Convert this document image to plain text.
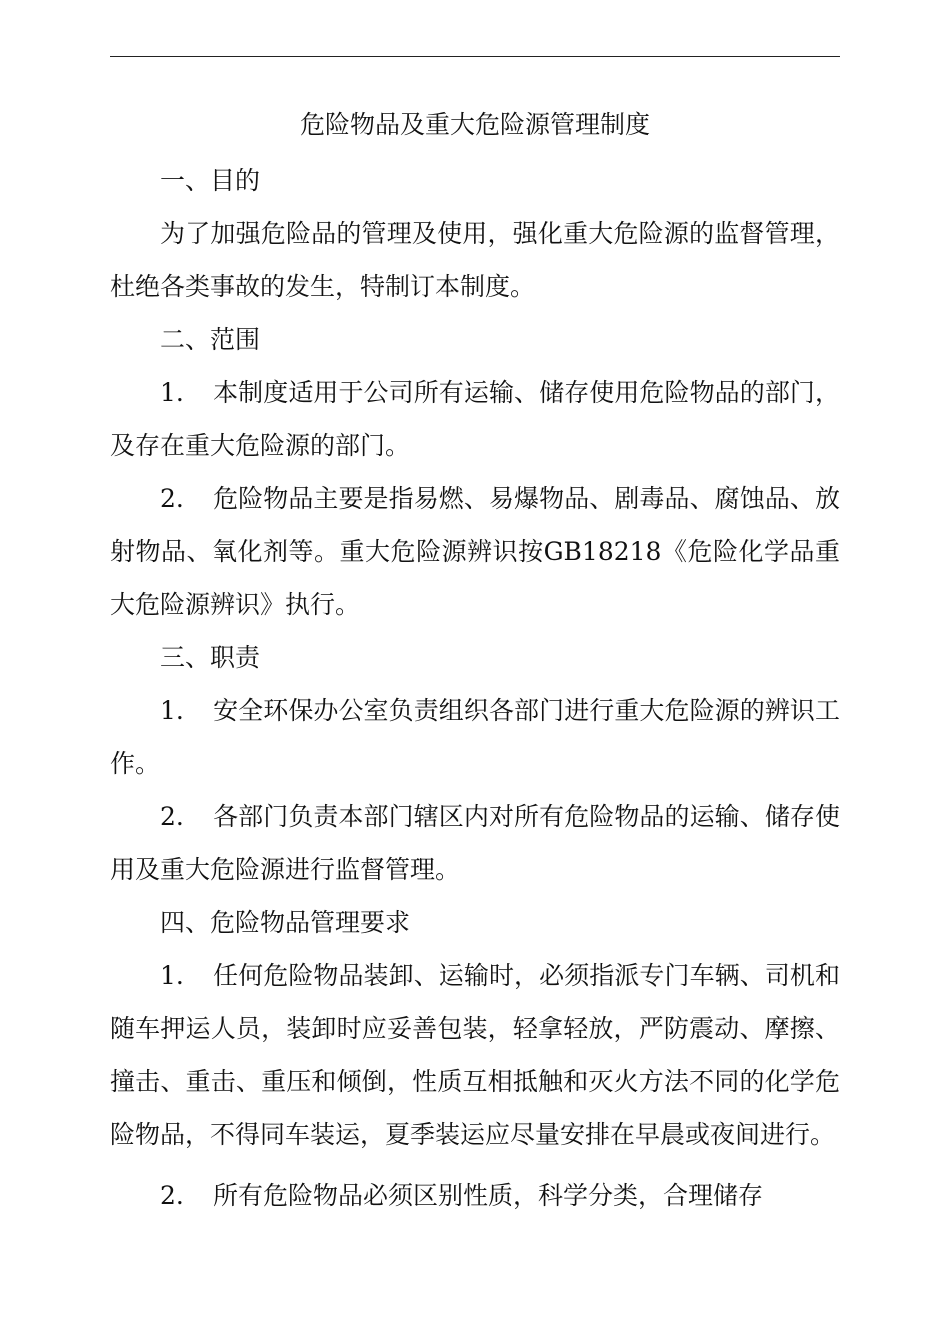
危险物品及重大危险源管理制度

一、目的

为了加强危险品的管理及使用，强化重大危险源的监督管理，杜绝各类事故的发生，特制订本制度。

二、范围

1. 本制度适用于公司所有运输、储存使用危险物品的部门，及存在重大危险源的部门。

2. 危险物品主要是指易燃、易爆物品、剧毒品、腐蚀品、放射物品、氧化剂等。重大危险源辨识按GB18218《危险化学品重大危险源辨识》执行。

三、职责

1. 安全环保办公室负责组织各部门进行重大危险源的辨识工作。

2. 各部门负责本部门辖区内对所有危险物品的运输、储存使用及重大危险源进行监督管理。

四、危险物品管理要求

1. 任何危险物品装卸、运输时，必须指派专门车辆、司机和随车押运人员，装卸时应妥善包装，轻拿轻放，严防震动、摩擦、撞击、重击、重压和倾倒，性质互相抵触和灭火方法不同的化学危险物品，不得同车装运，夏季装运应尽量安排在早晨或夜间进行。

2. 所有危险物品必须区别性质，科学分类，合理储存
